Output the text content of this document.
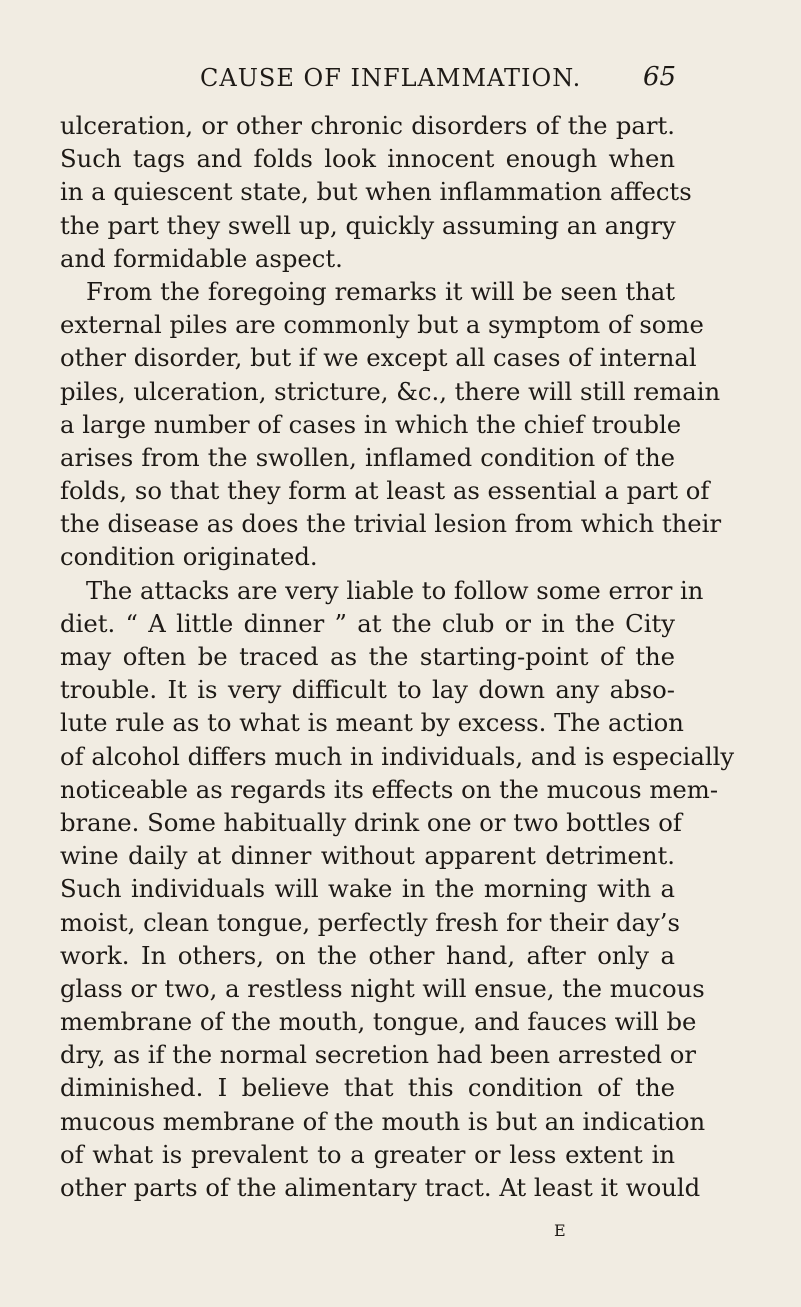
CAUSE OF INFLAMMATION. 65
ulceration, or other chronic disorders of the part.
Such tags and folds look innocent enough when
in a quiescent state, but when inflammation affects
the part they swell up, quickly assuming an angry
and formidable aspect.
From the foregoing remarks it will be seen that
external piles are commonly but a symptom of some
other disorder, but if we except all cases of internal
piles, ulceration, stricture, &c., there will still remain
a large number of cases in which the chief trouble
arises from the swollen, inflamed condition of the
folds, so that they form at least as essential a part of
the disease as does the trivial lesion from which their
condition originated.
The attacks are very liable to follow some error in
diet. “ A little dinner ” at the club or in the City
may often be traced as the starting-point of the
trouble. It is very difficult to lay down any abso-
lute rule as to what is meant by excess. The action
of alcohol differs much in individuals, and is especially
noticeable as regards its effects on the mucous mem-
brane. Some habitually drink one or two bottles of
wine daily at dinner without apparent detriment.
Such individuals will wake in the morning with a
moist, clean tongue, perfectly fresh for their day’s
work. In others, on the other hand, after only a
glass or two, a restless night will ensue, the mucous
membrane of the mouth, tongue, and fauces will be
dry, as if the normal secretion had been arrested or
diminished. I believe that this condition of the
mucous membrane of the mouth is but an indication
of what is prevalent to a greater or less extent in
other parts of the alimentary tract. At least it would
E
